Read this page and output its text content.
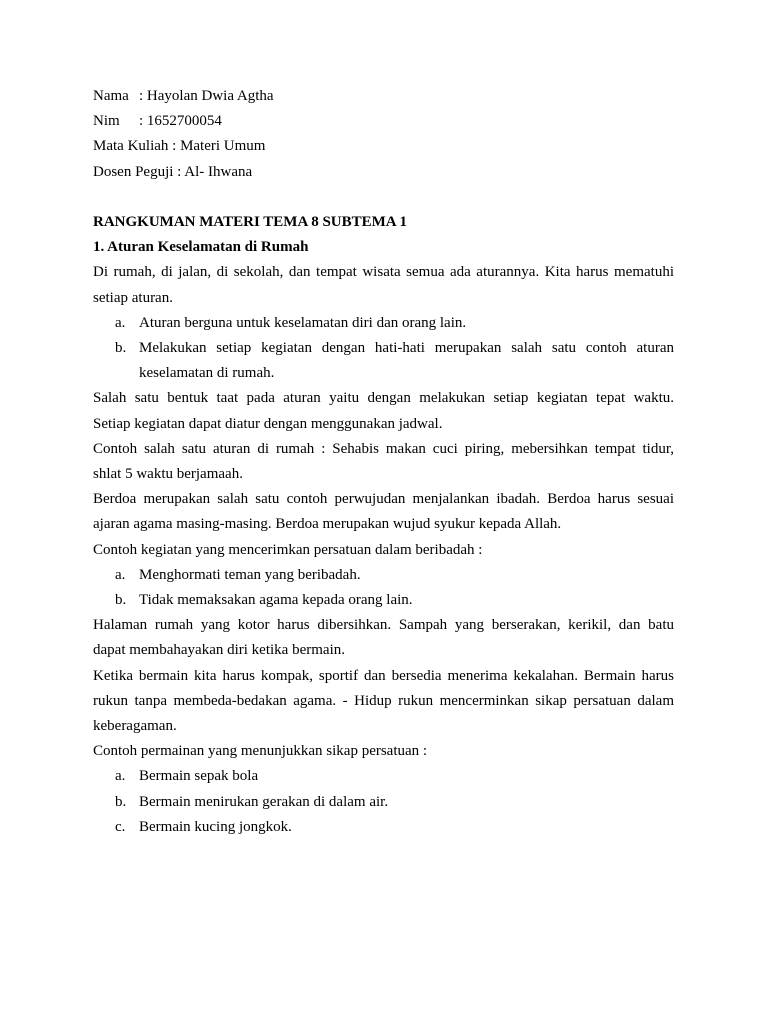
Nama : Hayolan Dwia Agtha
Nim : 1652700054
Mata Kuliah : Materi Umum
Dosen Peguji : Al- Ihwana
RANGKUMAN MATERI TEMA 8 SUBTEMA 1
1. Aturan Keselamatan di Rumah
Di rumah, di jalan, di sekolah, dan tempat wisata semua ada aturannya. Kita harus mematuhi
setiap aturan.
a. Aturan berguna untuk keselamatan diri dan orang lain.
b. Melakukan setiap kegiatan dengan hati-hati merupakan salah satu contoh aturan
keselamatan di rumah.
Salah satu bentuk taat pada aturan yaitu dengan melakukan setiap kegiatan tepat waktu.
Setiap kegiatan dapat diatur dengan menggunakan jadwal.
Contoh salah satu aturan di rumah : Sehabis makan cuci piring, mebersihkan tempat tidur,
shlat 5 waktu berjamaah.
Berdoa merupakan salah satu contoh perwujudan menjalankan ibadah. Berdoa harus sesuai
ajaran agama masing-masing. Berdoa merupakan wujud syukur kepada Allah.
Contoh kegiatan yang mencerimkan persatuan dalam beribadah :
a. Menghormati teman yang beribadah.
b. Tidak memaksakan agama kepada orang lain.
Halaman rumah yang kotor harus dibersihkan. Sampah yang berserakan, kerikil, dan batu
dapat membahayakan diri ketika bermain.
Ketika bermain kita harus kompak, sportif dan bersedia menerima kekalahan. Bermain harus
rukun tanpa membeda-bedakan agama. - Hidup rukun mencerminkan sikap persatuan dalam
keberagaman.
Contoh permainan yang menunjukkan sikap persatuan :
a. Bermain sepak bola
b. Bermain menirukan gerakan di dalam air.
c. Bermain kucing jongkok.
